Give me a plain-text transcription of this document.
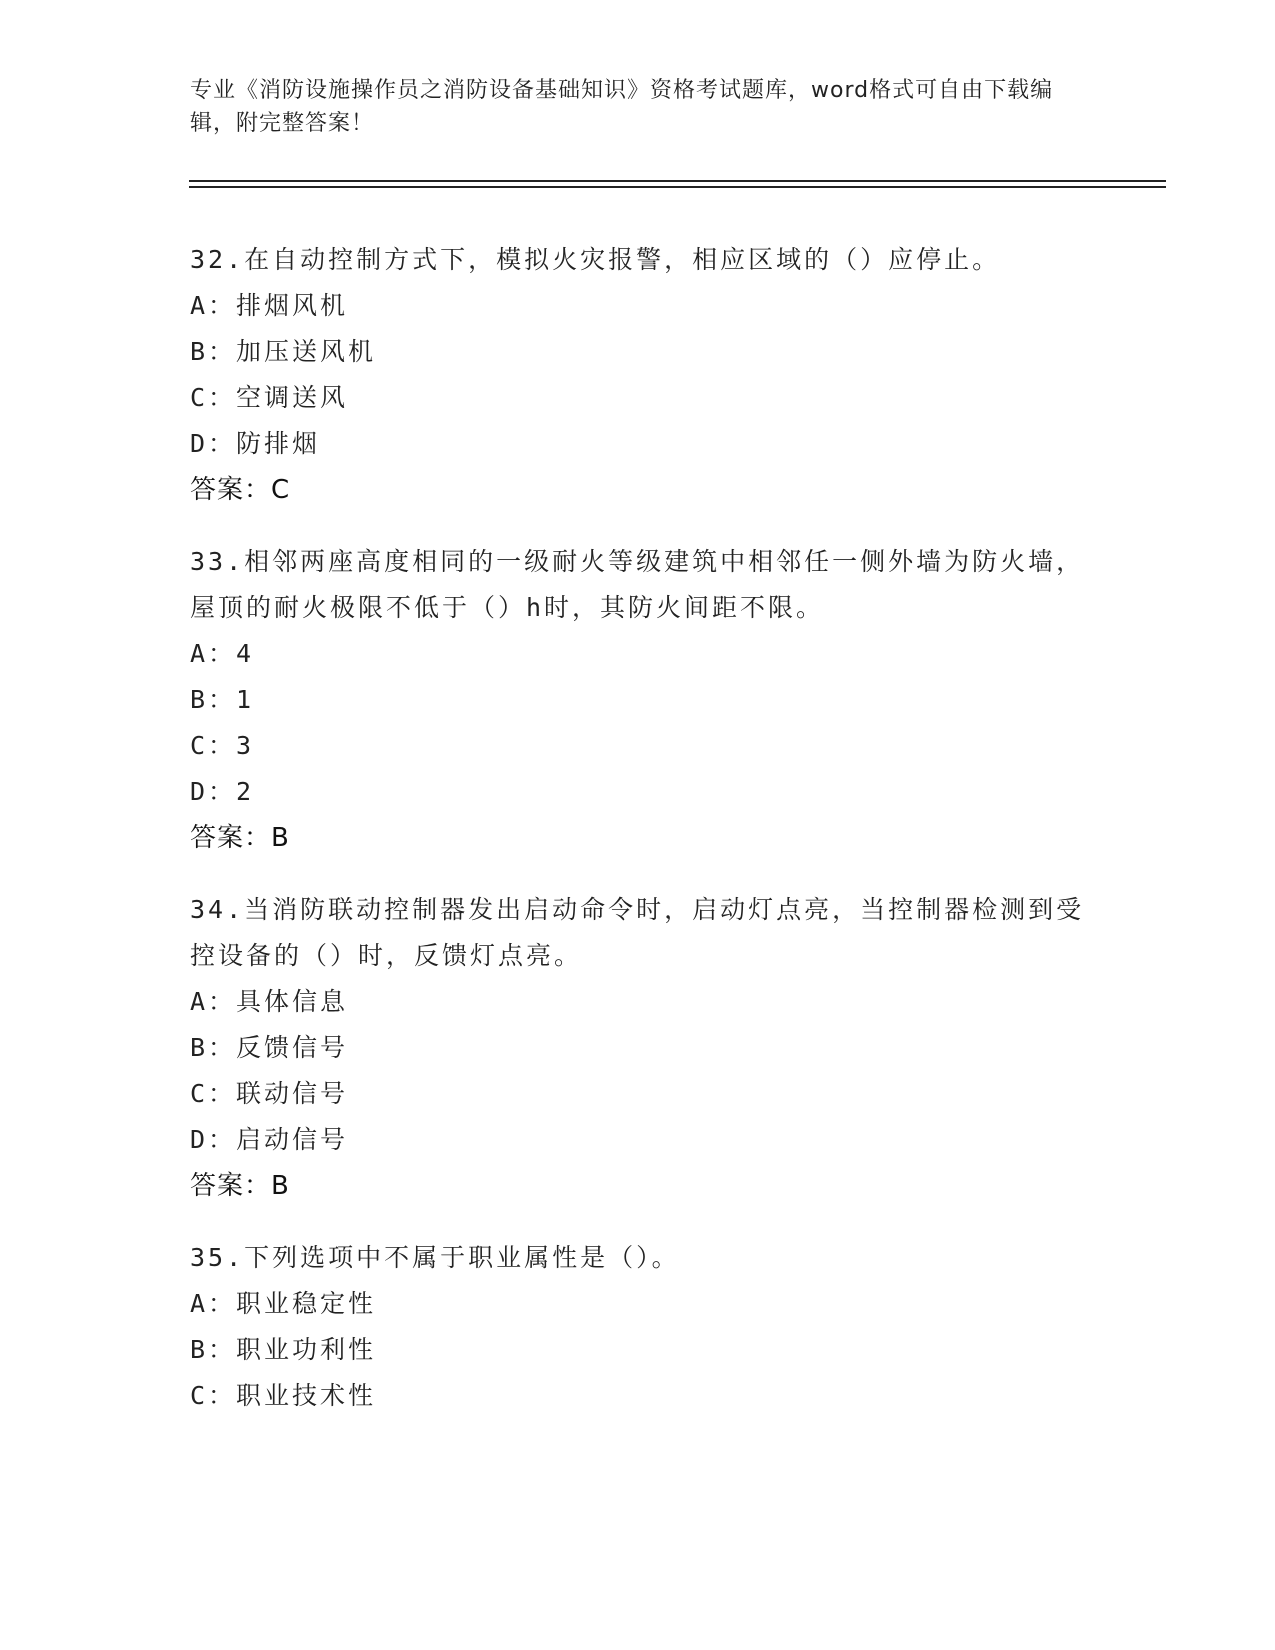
专业《消防设施操作员之消防设备基础知识》资格考试题库，word格式可自由下载编辑，附完整答案！
32.在自动控制方式下，模拟火灾报警，相应区域的（）应停止。
A：排烟风机
B：加压送风机
C：空调送风
D：防排烟
答案：C
33.相邻两座高度相同的一级耐火等级建筑中相邻任一侧外墙为防火墙，屋顶的耐火极限不低于（）h时，其防火间距不限。
A：4
B：1
C：3
D：2
答案：B
34.当消防联动控制器发出启动命令时，启动灯点亮，当控制器检测到受控设备的（）时，反馈灯点亮。
A：具体信息
B：反馈信号
C：联动信号
D：启动信号
答案：B
35.下列选项中不属于职业属性是（）。
A：职业稳定性
B：职业功利性
C：职业技术性
